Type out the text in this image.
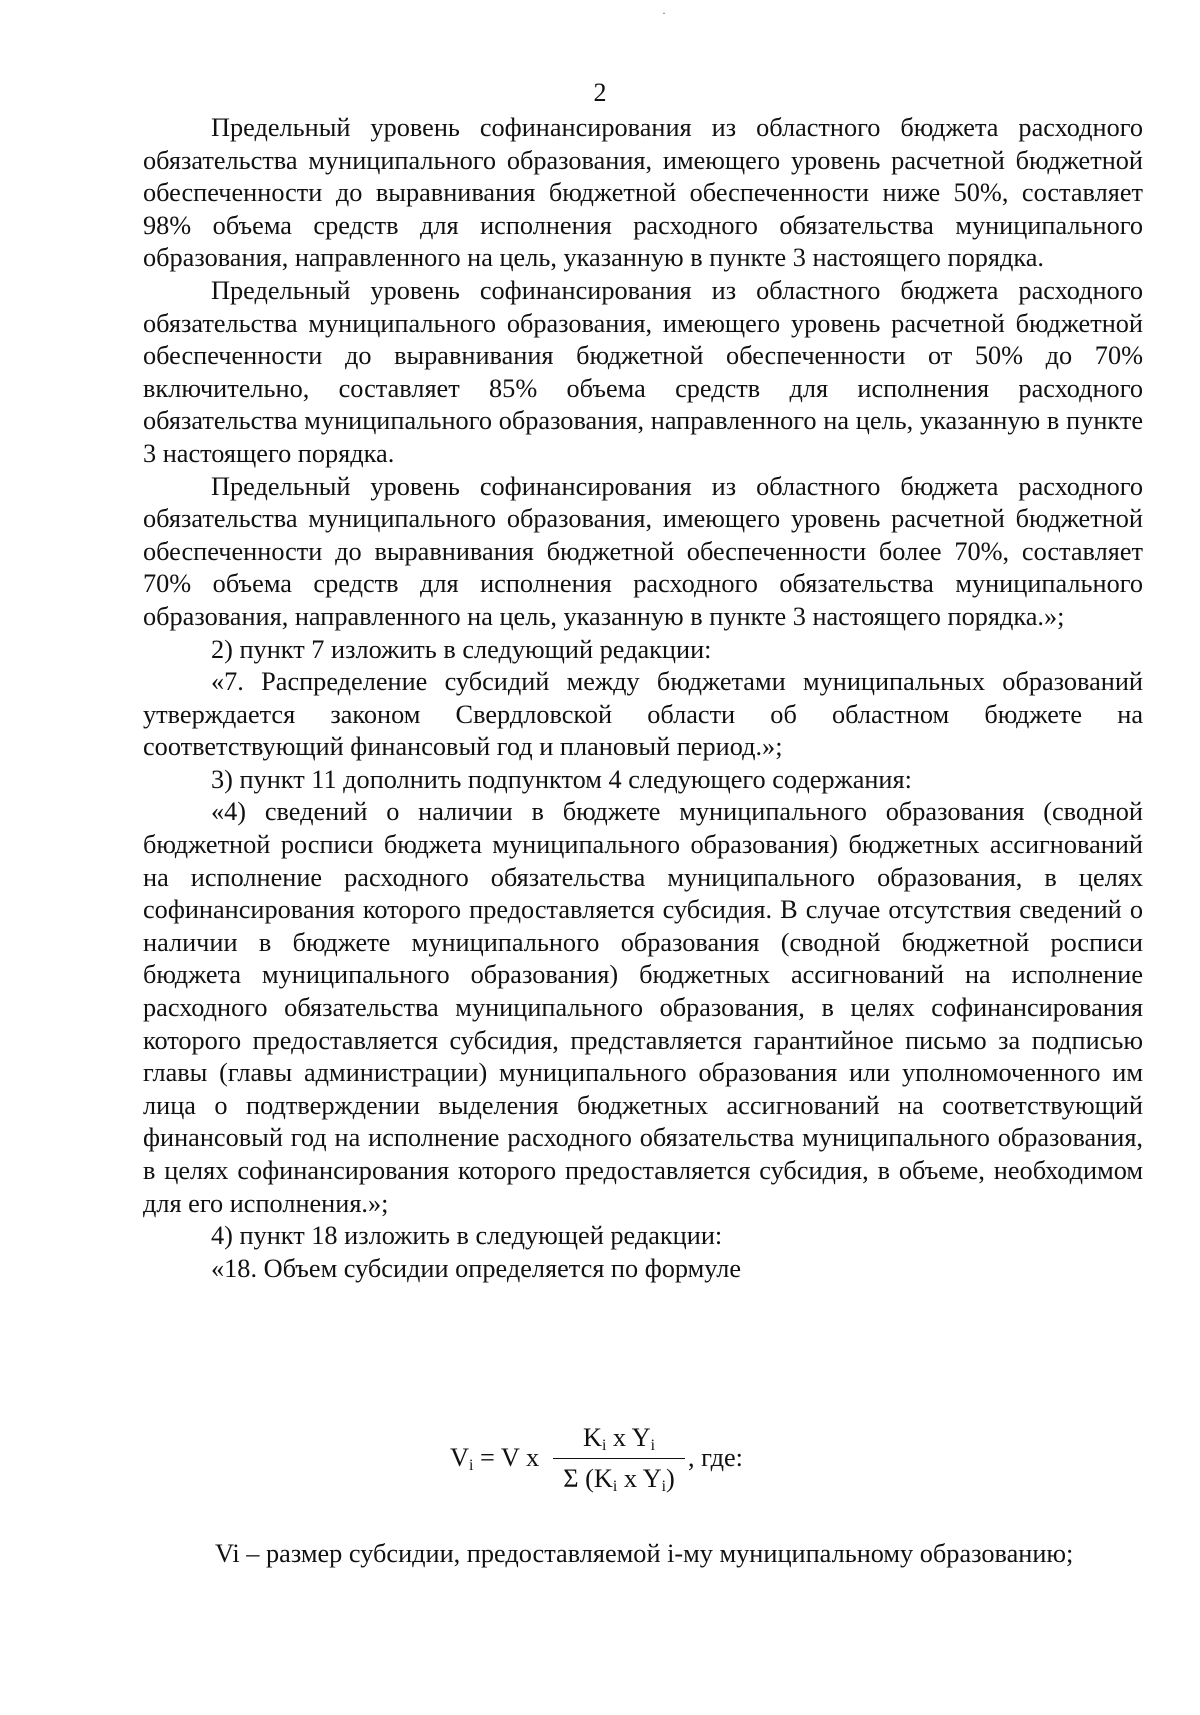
·
2

Предельный уровень софинансирования из областного бюджета расходного обязательства муниципального образования, имеющего уровень расчетной бюджетной обеспеченности до выравнивания бюджетной обеспеченности ниже 50%, составляет 98% объема средств для исполнения расходного обязательства муниципального образования, направленного на цель, указанную в пункте 3 настоящего порядка.

Предельный уровень софинансирования из областного бюджета расходного обязательства муниципального образования, имеющего уровень расчетной бюджетной обеспеченности до выравнивания бюджетной обеспеченности от 50% до 70% включительно, составляет 85% объема средств для исполнения расходного обязательства муниципального образования, направленного на цель, указанную в пункте 3 настоящего порядка.

Предельный уровень софинансирования из областного бюджета расходного обязательства муниципального образования, имеющего уровень расчетной бюджетной обеспеченности до выравнивания бюджетной обеспеченности более 70%, составляет 70% объема средств для исполнения расходного обязательства муниципального образования, направленного на цель, указанную в пункте 3 настоящего порядка.»;

2) пункт 7 изложить в следующий редакции:

«7. Распределение субсидий между бюджетами муниципальных образований утверждается законом Свердловской области об областном бюджете на соответствующий финансовый год и плановый период.»;

3) пункт 11 дополнить подпунктом 4 следующего содержания:

«4) сведений о наличии в бюджете муниципального образования (сводной бюджетной росписи бюджета муниципального образования) бюджетных ассигнований на исполнение расходного обязательства муниципального образования, в целях софинансирования которого предоставляется субсидия. В случае отсутствия сведений о наличии в бюджете муниципального образования (сводной бюджетной росписи бюджета муниципального образования) бюджетных ассигнований на исполнение расходного обязательства муниципального образования, в целях софинансирования которого предоставляется субсидия, представляется гарантийное письмо за подписью главы (главы администрации) муниципального образования или уполномоченного им лица о подтверждении выделения бюджетных ассигнований на соответствующий финансовый год на исполнение расходного обязательства муниципального образования, в целях софинансирования которого предоставляется субсидия, в объеме, необходимом для его исполнения.»;

4) пункт 18 изложить в следующей редакции:

«18. Объем субсидии определяется по формуле

$V_i = V$ x
$K_i$ x $Y_i$
Σ ($K_i$ x $Y_i$)
, где:
Vi – размер субсидии, предоставляемой i-му муниципальному образованию;
